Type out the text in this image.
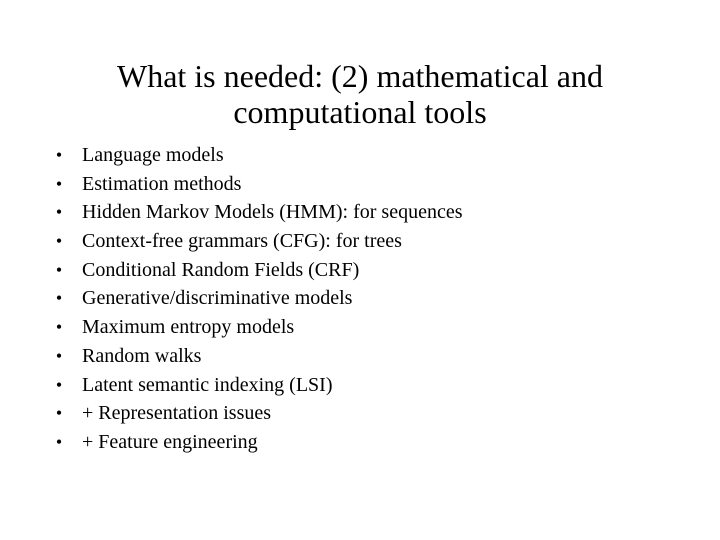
What is needed: (2) mathematical and
computational tools
• Language models
• Estimation methods
• Hidden Markov Models (HMM): for sequences
• Context-free grammars (CFG): for trees
• Conditional Random Fields (CRF)
• Generative/discriminative models
• Maximum entropy models
• Random walks
• Latent semantic indexing (LSI)
• + Representation issues
• + Feature engineering
